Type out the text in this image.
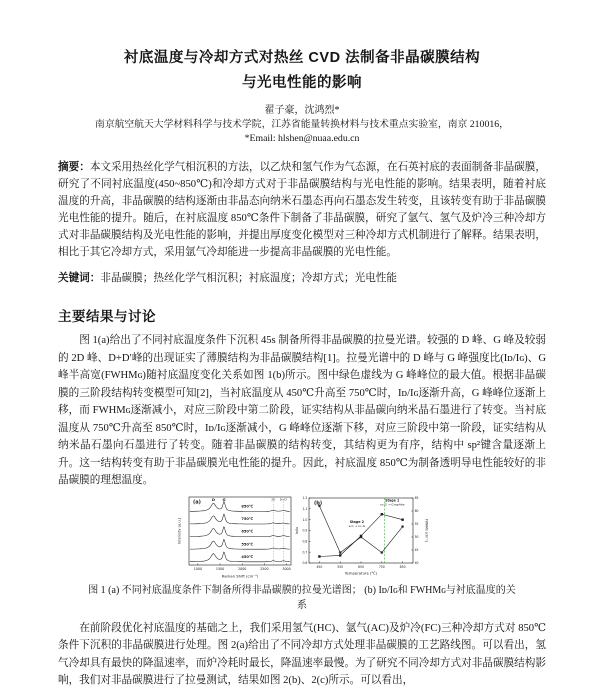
衬底温度与冷却方式对热丝 CVD 法制备非晶碳膜结构
与光电性能的影响
翟子豪，沈鸿烈*
南京航空航天大学材料科学与技术学院，江苏省能量转换材料与技术重点实验室，南京 210016，
*Email: hlshen@nuaa.edu.cn

摘要：本文采用热丝化学气相沉积的方法，以乙炔和氢气作为气态源，在石英衬底的表面制备非晶碳膜，研究了不同衬底温度(450~850℃)和冷却方式对于非晶碳膜结构与光电性能的影响。结果表明，随着衬底温度的升高，非晶碳膜的结构逐渐由非晶态向纳米石墨态再向石墨态发生转变，且该转变有助于非晶碳膜光电性能的提升。随后，在衬底温度 850℃条件下制备了非晶碳膜，研究了氩气、氢气及炉冷三种冷却方式对非晶碳膜结构及光电性能的影响，并提出厚度变化模型对三种冷却方式机制进行了解释。结果表明，相比于其它冷却方式，采用氩气冷却能进一步提高非晶碳膜的光电性能。

关键词：非晶碳膜；热丝化学气相沉积；衬底温度；冷却方式；光电性能

主要结果与讨论

图 1(a)给出了不同衬底温度条件下沉积 45s 制备所得非晶碳膜的拉曼光谱。较强的 D 峰、G 峰及较弱的 2D 峰、D+D′峰的出现证实了薄膜结构为非晶碳膜结构[1]。拉曼光谱中的 D 峰与 G 峰强度比(Iᴅ/Iɢ)、G 峰半高宽(FWHMɢ)随衬底温度变化关系如图 1(b)所示。图中绿色虚线为 G 峰峰位的最大值。根据非晶碳膜的三阶段结构转变模型可知[2]，当衬底温度从 450℃升高至 750℃时，Iᴅ/Iɢ逐渐升高，G 峰峰位逐渐上移，而 FWHMɢ逐渐减小，对应三阶段中第二阶段，证实结构从非晶碳向纳米晶石墨进行了转变。当衬底温度从 750℃升高至 850℃时，Iᴅ/Iɢ逐渐减小，G 峰峰位逐渐下移，对应三阶段中第一阶段，证实结构从纳米晶石墨向石墨进行了转变。随着非晶碳膜的结构转变，其结构更为有序，结构中 sp²键含量逐渐上升。这一结构转变有助于非晶碳膜光电性能的提升。因此，衬底温度 850℃为制备透明导电性能较好的非晶碳膜的理想温度。

1000	1500	2000	2500	3000
Raman Shift (cm⁻¹)
Intensity (a.u.)
2D D+D′
D G
850℃
750℃
650℃
550℃
450℃
(a)
0.6
0.7
0.8
0.9
1.0
1.1
1.2
40
45
50
55
60
65
450	550	650	750	850
Temperature (℃)
Iᴅ/Iɢ	FWHMɢ (cm⁻¹)
Stage 2
a-C → nc-G
Stage 1
nc-G → Graphite
(b)
图 1 (a) 不同衬底温度条件下制备所得非晶碳膜的拉曼光谱图； (b) Iᴅ/Iɢ和 FWHMɢ与衬底温度的关系

在前阶段优化衬底温度的基础之上，我们采用氢气(HC)、氩气(AC)及炉冷(FC)三种冷却方式对 850℃条件下沉积的非晶碳膜进行处理。图 2(a)给出了不同冷却方式处理非晶碳膜的工艺路线图。可以看出，氢气冷却具有最快的降温速率，而炉冷耗时最长，降温速率最慢。为了研究不同冷却方式对非晶碳膜结构影响，我们对非晶碳膜进行了拉曼测试，结果如图 2(b)、2(c)所示。可以看出，
